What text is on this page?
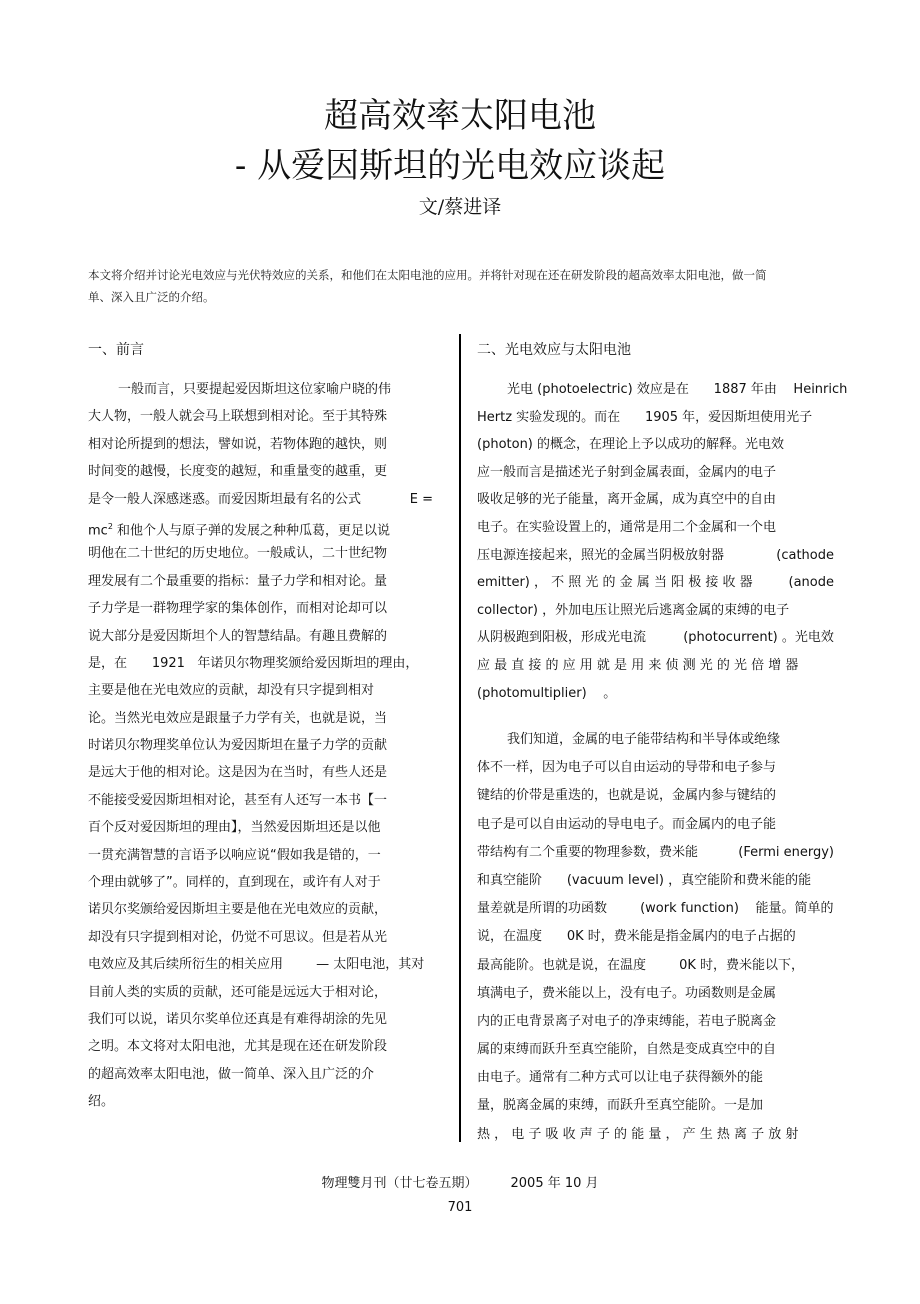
超高效率太阳电池
- 从爱因斯坦的光电效应谈起
文/蔡进译
本文将介绍并讨论光电效应与光伏特效应的关系，和他们在太阳电池的应用。并将针对现在还在研发阶段的超高效率太阳电池，做一简单、深入且广泛的介绍。
一、前言	二、光电效应与太阳电池
一般而言，只要提起爱因斯坦这位家喻户晓的伟
大人物，一般人就会马上联想到相对论。至于其特殊
相对论所提到的想法，譬如说，若物体跑的越快，则
时间变的越慢，长度变的越短，和重量变的越重，更
是令一般人深感迷惑。而爱因斯坦最有名的公式	E =
$mc^2$ 和他个人与原子弹的发展之种种瓜葛，更足以说
明他在二十世纪的历史地位。一般咸认，二十世纪物
理发展有二个最重要的指标：量子力学和相对论。量
子力学是一群物理学家的集体创作，而相对论却可以
说大部分是爱因斯坦个人的智慧结晶。有趣且费解的
是，在 1921 年诺贝尔物理奖颁给爱因斯坦的理由，
主要是他在光电效应的贡献，却没有只字提到相对
论。当然光电效应是跟量子力学有关，也就是说，当
时诺贝尔物理奖单位认为爱因斯坦在量子力学的贡献
是远大于他的相对论。这是因为在当时，有些人还是
不能接受爱因斯坦相对论，甚至有人还写一本书【一
百个反对爱因斯坦的理由】，当然爱因斯坦还是以他
一贯充满智慧的言语予以响应说“假如我是错的，一
个理由就够了”。同样的，直到现在，或许有人对于
诺贝尔奖颁给爱因斯坦主要是他在光电效应的贡献，
却没有只字提到相对论，仍觉不可思议。但是若从光
电效应及其后续所衍生的相关应用	— 太阳电池，其对
目前人类的实质的贡献，还可能是远远大于相对论，
我们可以说，诺贝尔奖单位还真是有难得胡涂的先见
之明。本文将对太阳电池，尤其是现在还在研发阶段
的超高效率太阳电池，做一简单、深入且广泛的介
绍。
光电 (photoelectric) 效应是在 1887 年由 Heinrich
Hertz 实验发现的。而在 1905 年，爱因斯坦使用光子
(photon) 的概念，在理论上予以成功的解释。光电效
应一般而言是描述光子射到金属表面，金属内的电子
吸收足够的光子能量，离开金属，成为真空中的自由
电子。在实验设置上的，通常是用二个金属和一个电
压电源连接起来，照光的金属当阴极放射器	(cathode
emitter) ， 不 照 光 的 金 属 当 阳 极 接 收 器	(anode
collector) ，外加电压让照光后逃离金属的束缚的电子
从阴极跑到阳极，形成光电流	(photocurrent) 。光电效
应 最 直 接 的 应 用 就 是 用 来 侦 测 光 的 光 倍 增 器
(photomultiplier) 。
我们知道，金属的电子能带结构和半导体或绝缘
体不一样，因为电子可以自由运动的导带和电子参与
键结的价带是重迭的，也就是说，金属内参与键结的
电子是可以自由运动的导电电子。而金属内的电子能
带结构有二个重要的物理参数，费米能	(Fermi energy)
和真空能阶 (vacuum level) ，真空能阶和费米能的能
量差就是所谓的功函数	(work function) 能量。简单的
说，在温度 0K 时，费米能是指金属内的电子占据的
最高能阶。也就是说，在温度	0K 时，费米能以下，
填满电子，费米能以上，没有电子。功函数则是金属
内的正电背景离子对电子的净束缚能，若电子脱离金
属的束缚而跃升至真空能阶，自然是变成真空中的自
由电子。通常有二种方式可以让电子获得额外的能
量，脱离金属的束缚，而跃升至真空能阶。一是加
热 ， 电 子 吸 收 声 子 的 能 量 ， 产 生 热 离 子 放 射
物理雙月刊（廿七卷五期）	2005 年 10 月
701
